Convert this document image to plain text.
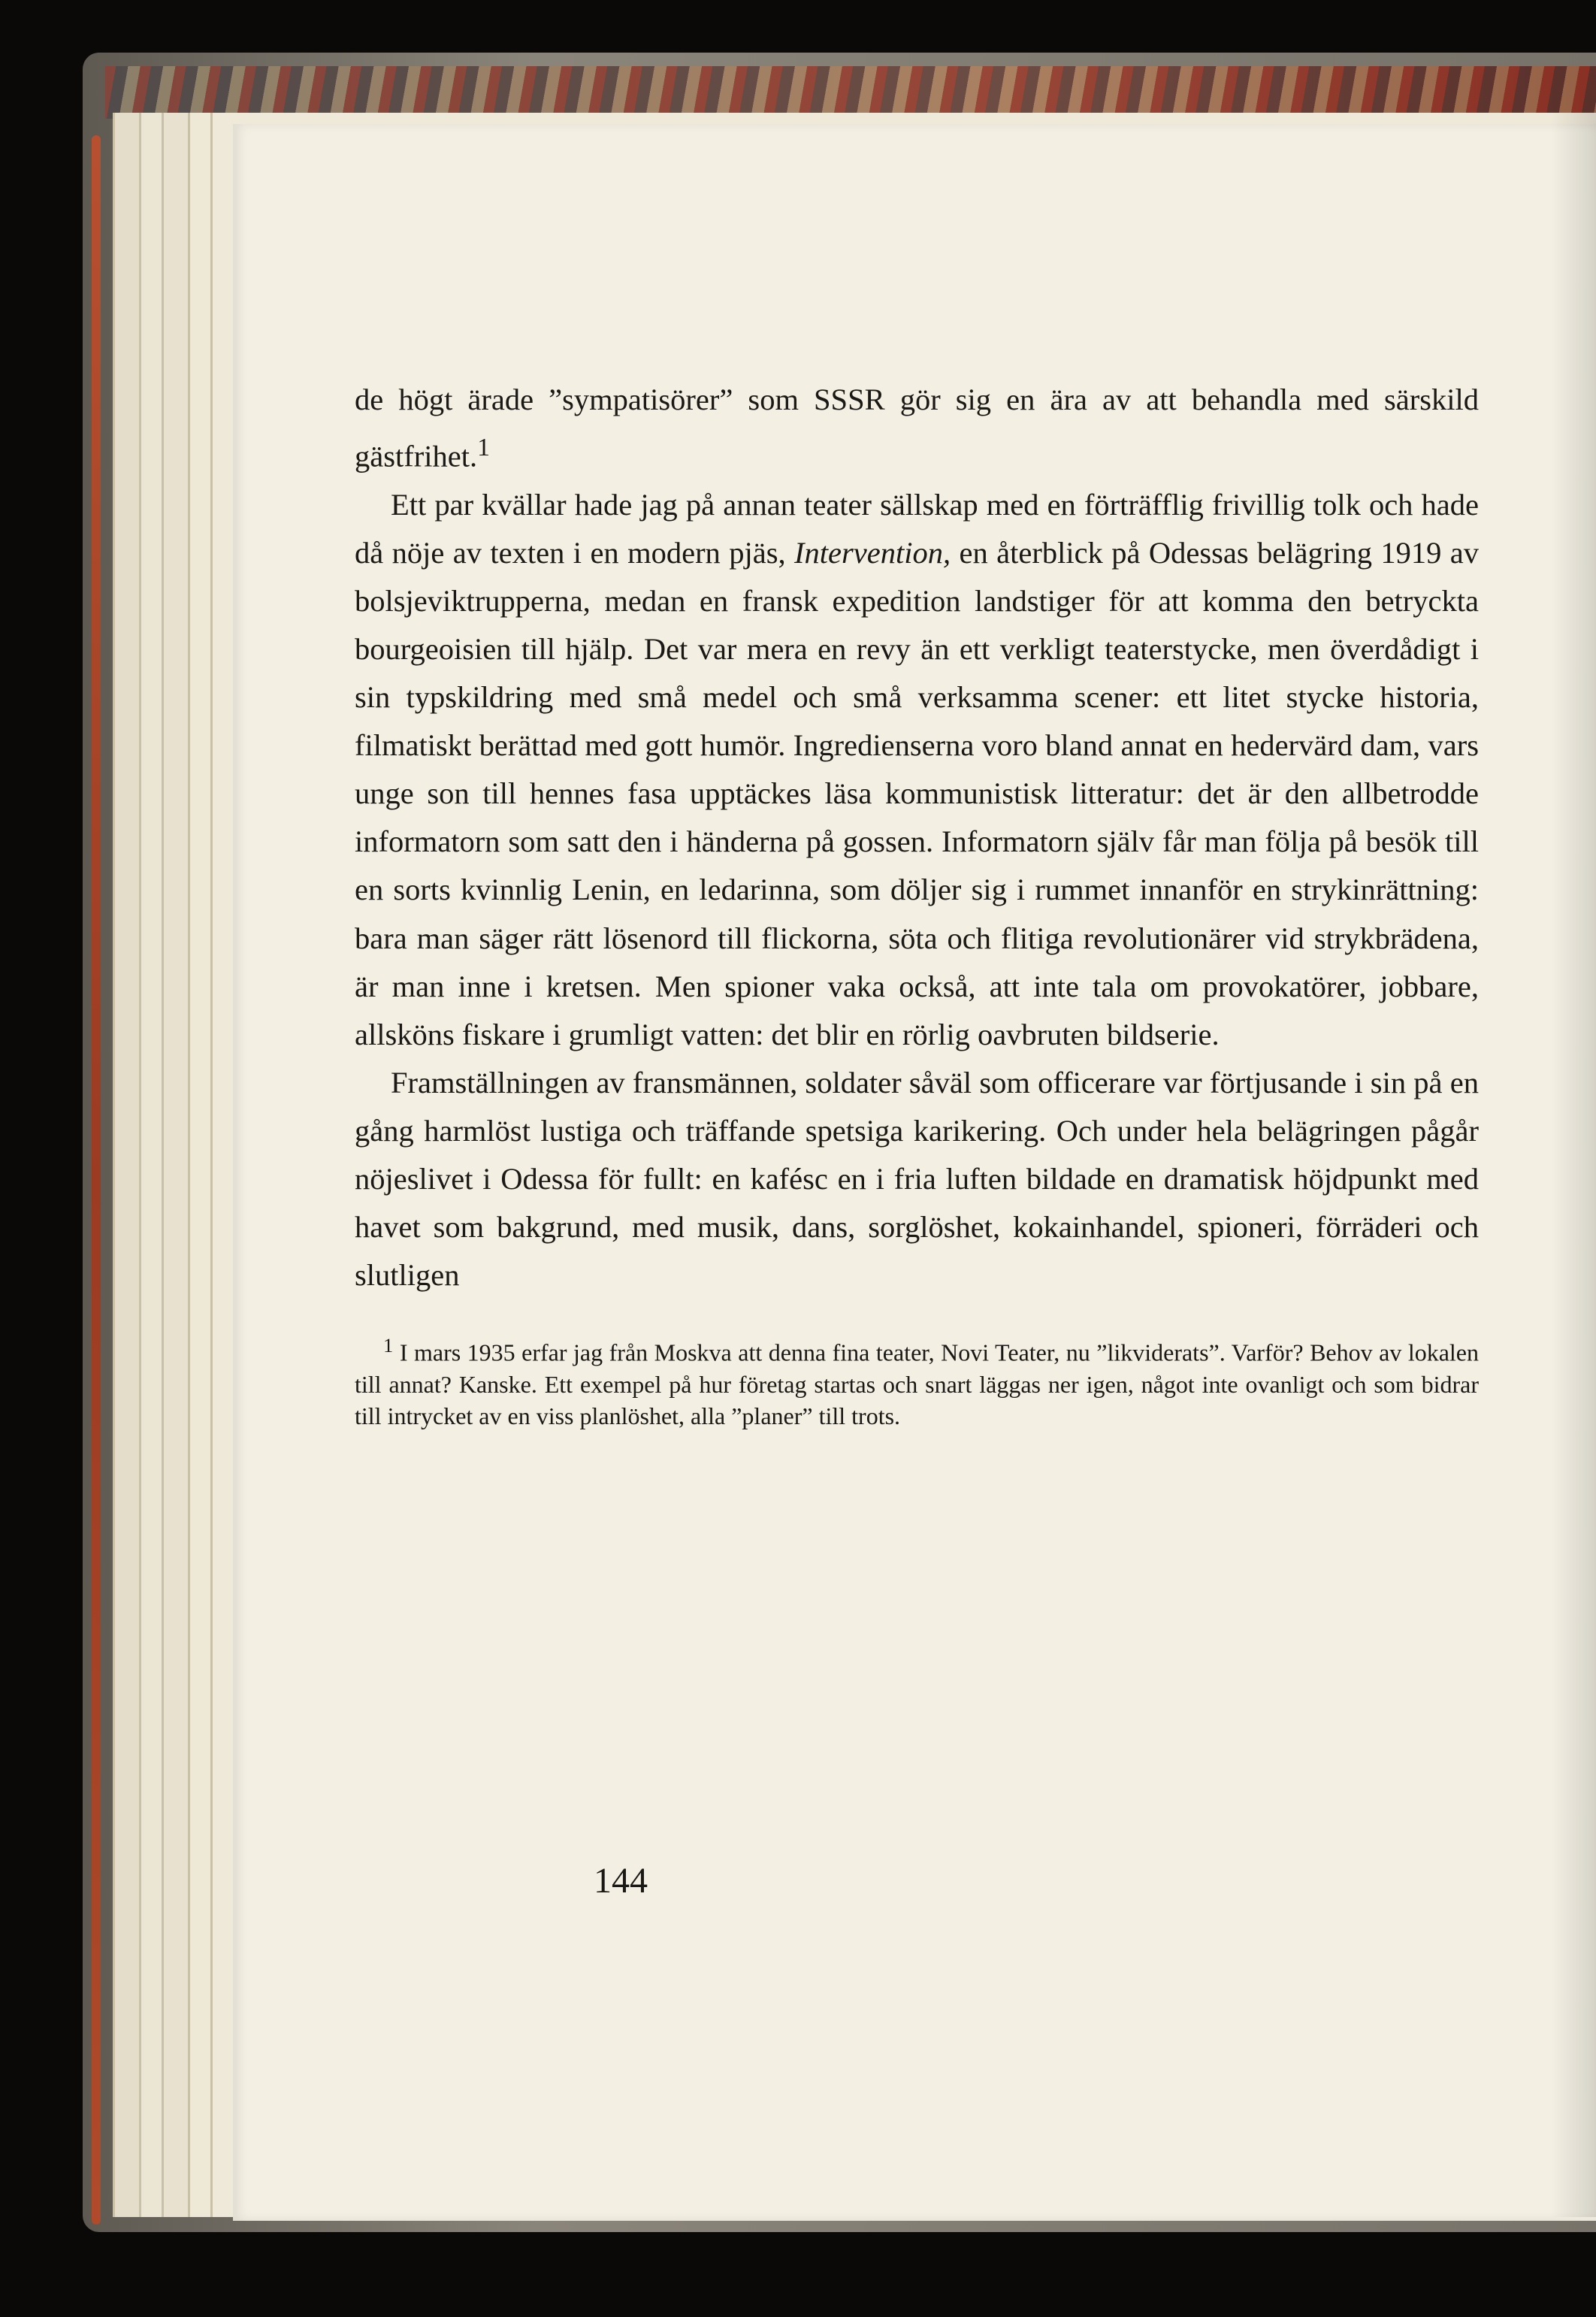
de högt ärade ”sympatisörer” som SSSR gör sig en ära av att behandla med särskild gästfrihet.$^1$

Ett par kvällar hade jag på annan teater sällskap med en förträfflig frivillig tolk och hade då nöje av texten i en modern pjäs, Intervention, en återblick på Odessas belägring 1919 av bolsjeviktrupperna, medan en fransk expedition landstiger för att komma den betryckta bourgeoisien till hjälp. Det var mera en revy än ett verkligt teaterstycke, men överdådigt i sin typskildring med små medel och små verksamma scener: ett litet stycke historia, filmatiskt berättad med gott humör. Ingredienserna voro bland annat en hedervärd dam, vars unge son till hennes fasa upptäckes läsa kommunistisk litteratur: det är den allbetrodde informatorn som satt den i händerna på gossen. Informatorn själv får man följa på besök till en sorts kvinnlig Lenin, en ledarinna, som döljer sig i rummet innanför en strykinrättning: bara man säger rätt lösenord till flickorna, söta och flitiga revolutionärer vid strykbrädena, är man inne i kretsen. Men spioner vaka också, att inte tala om provokatörer, jobbare, allsköns fiskare i grumligt vatten: det blir en rörlig oavbruten bildserie.

Framställningen av fransmännen, soldater såväl som officerare var förtjusande i sin på en gång harmlöst lustiga och träffande spetsiga karikering. Och under hela belägringen pågår nöjeslivet i Odessa för fullt: en kafésc en i fria luften bildade en dramatisk höjdpunkt med havet som bakgrund, med musik, dans, sorglöshet, kokainhandel, spioneri, förräderi och slutligen

$^1$ I mars 1935 erfar jag från Moskva att denna fina teater, Novi Teater, nu ”likviderats”. Varför? Behov av lokalen till annat? Kanske. Ett exempel på hur företag startas och snart läggas ner igen, något inte ovanligt och som bidrar till intrycket av en viss planlöshet, alla ”planer” till trots.
144
